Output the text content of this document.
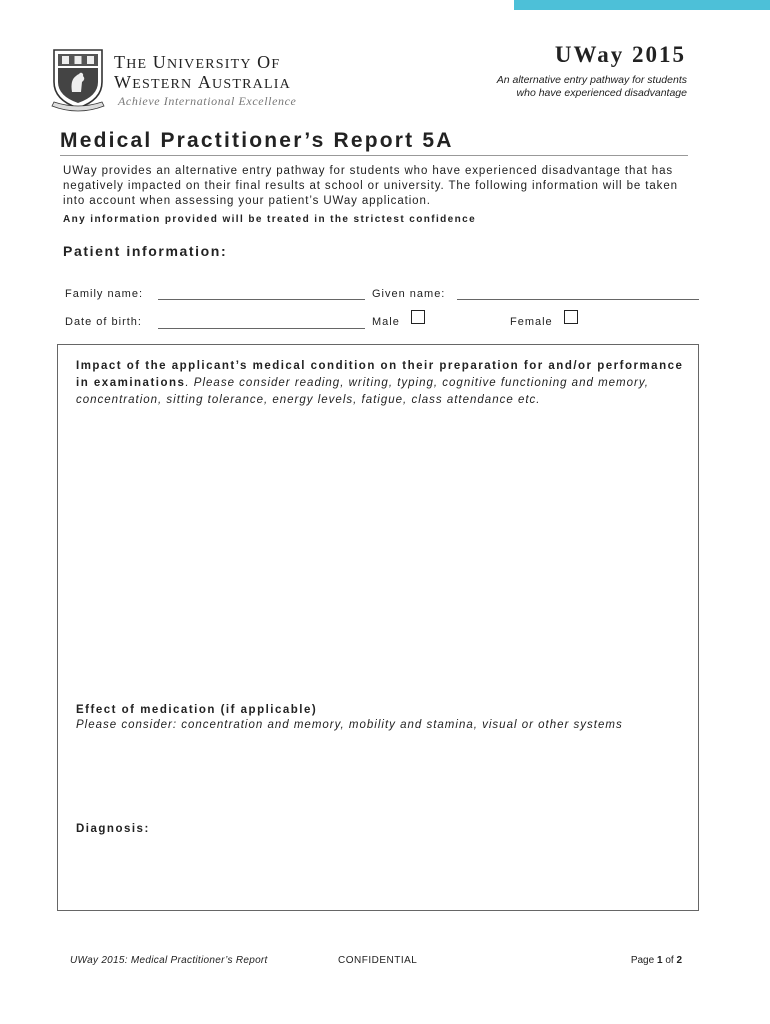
THE UNIVERSITY OF
WESTERN AUSTRALIA
Achieve International Excellence
UWay 2015
An alternative entry pathway for students
who have experienced disadvantage
Medical Practitioner’s Report 5A
UWay provides an alternative entry pathway for students who have experienced disadvantage that has negatively impacted on their final results at school or university. The following information will be taken into account when assessing your patient’s UWay application.
Any information provided will be treated in the strictest confidence
Patient information:
Family name:	Given name:
Date of birth:	Male	Female
Impact of the applicant’s medical condition on their preparation for and/or performance in examinations. Please consider reading, writing, typing, cognitive functioning and memory, concentration, sitting tolerance, energy levels, fatigue, class attendance etc.
Effect of medication (if applicable)
Please consider: concentration and memory, mobility and stamina, visual or other systems
Diagnosis:
UWay 2015: Medical Practitioner’s Report	CONFIDENTIAL	Page 1 of 2
